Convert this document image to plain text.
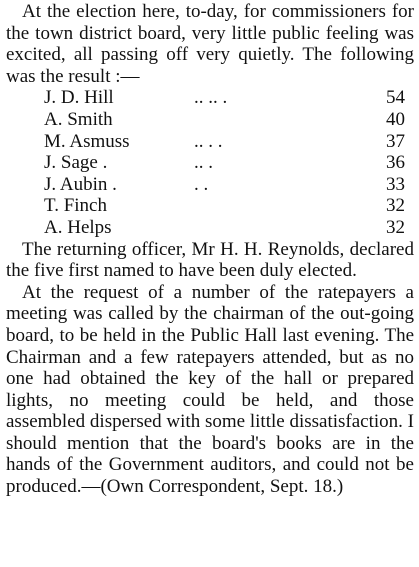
At the election here, to-day, for commissioners for the town district board, very little public feeling was excited, all passing off very quietly. The following was the result :—

J. D. Hill	.. .. .	54
A. Smith	40
M. Asmuss	.. . .	37
J. Sage .	.. .	36
J. Aubin .	. .	33
T. Finch	32
A. Helps	32

The returning officer, Mr H. H. Reynolds, declared the five first named to have been duly elected.

At the request of a number of the ratepayers a meeting was called by the chairman of the out-going board, to be held in the Public Hall last evening. The Chairman and a few ratepayers attended, but as no one had obtained the key of the hall or prepared lights, no meeting could be held, and those assembled dispersed with some little dissatisfaction. I should mention that the board's books are in the hands of the Government auditors, and could not be produced.—(Own Correspondent, Sept. 18.)
